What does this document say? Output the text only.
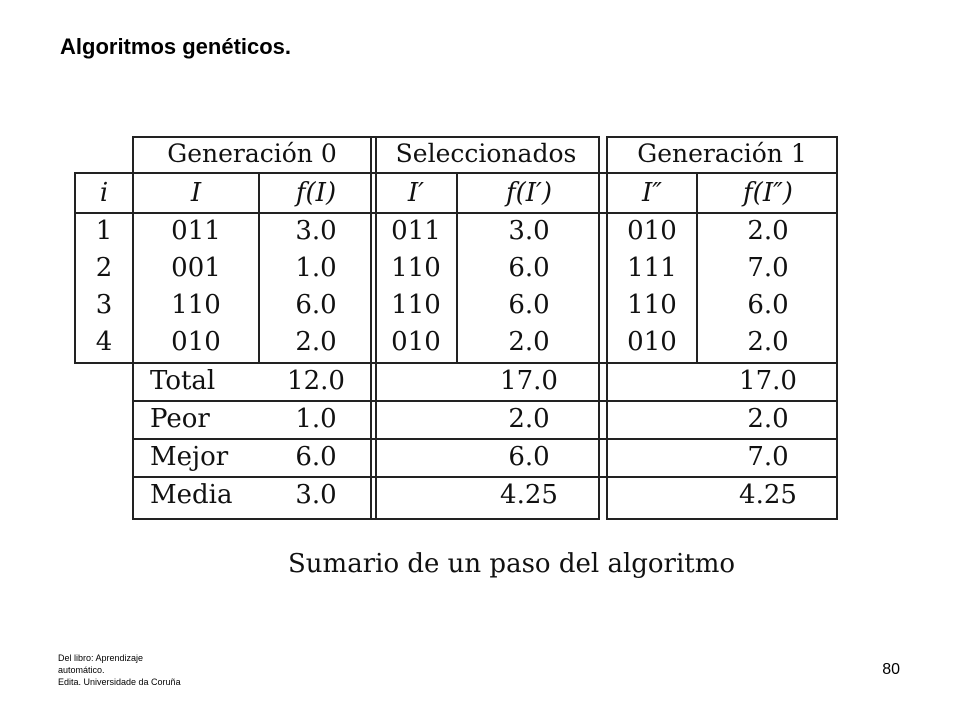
Algoritmos genéticos.
Generación 0	Seleccionados	Generación 1
i	I	f(I)	I′	f(I′)	I″	f(I″)
1	011	3.0	011	3.0	010	2.0
2	001	1.0	110	6.0	111	7.0
3	110	6.0	110	6.0	110	6.0
4	010	2.0	010	2.0	010	2.0
Total	12.0	17.0	17.0
Peor	1.0	2.0	2.0
Mejor	6.0	6.0	7.0
Media	3.0	4.25	4.25
Sumario de un paso del algoritmo
Del libro: Aprendizaje
automático.
Edita. Universidade da Coruña
80
